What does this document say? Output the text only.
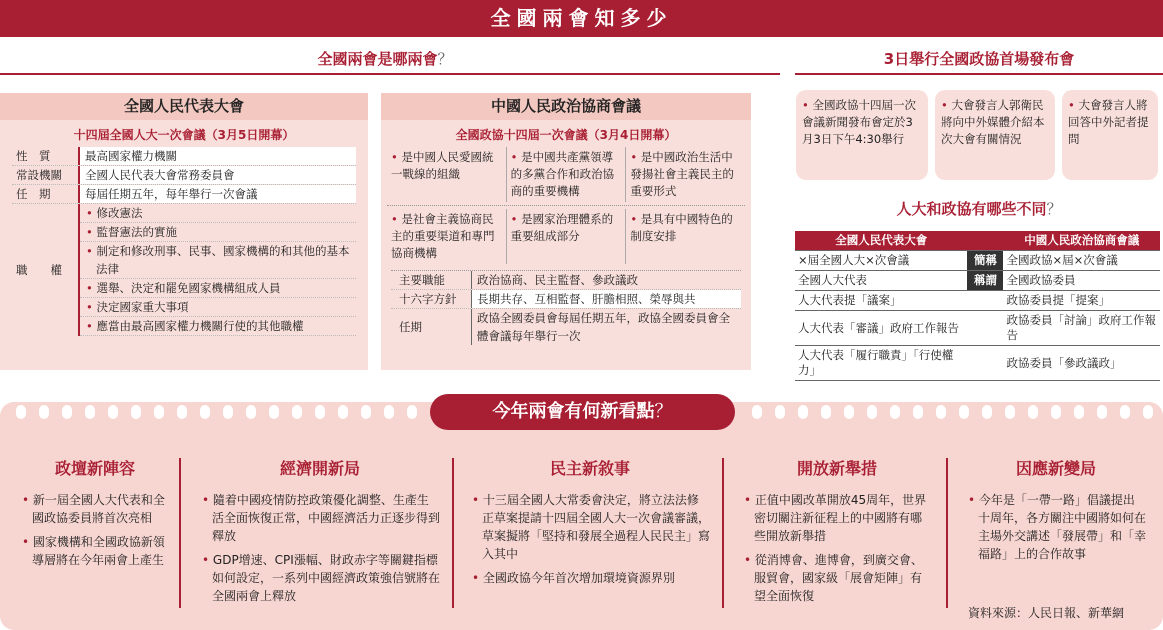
全國兩會知多少
全國兩會是哪兩會？	3日舉行全國政協首場發布會
全國人民代表大會
十四屆全國人大一次會議（3月5日開幕）
性　質	最高國家權力機關
常設機關	全國人民代表大會常務委員會
任　期	每屆任期五年，每年舉行一次會議
職　　權
• 修改憲法
• 監督憲法的實施
• 制定和修改刑事、民事、國家機構的和其他的基本法律
• 選舉、決定和罷免國家機構組成人員
• 決定國家重大事項
• 應當由最高國家權力機關行使的其他職權
中國人民政治協商會議
全國政協十四屆一次會議（3月4日開幕）
• 是中國人民愛國統一戰線的組織
• 是中國共產黨領導的多黨合作和政治協商的重要機構
• 是中國政治生活中發揚社會主義民主的重要形式
• 是社會主義協商民主的重要渠道和專門協商機構
• 是國家治理體系的重要組成部分
• 是具有中國特色的制度安排
主要職能	政治協商、民主監督、參政議政
十六字方針	長期共存、互相監督、肝膽相照、榮辱與共
任期
政協全國委員會每屆任期五年，政協全國委員會全體會議每年舉行一次
• 全國政協十四屆一次會議新聞發布會定於3月3日下午4:30舉行
• 大會發言人郭衛民將向中外媒體介紹本次大會有關情況
• 大會發言人將回答中外記者提問
人大和政協有哪些不同？
全國人民代表大會		中國人民政治協商會議
×屆全國人大×次會議	簡稱	全國政協×屆×次會議
全國人大代表	稱謂	全國政協委員
人大代表提「議案」		政協委員提「提案」
人大代表「審議」政府工作報告		政協委員「討論」政府工作報告
人大代表「履行職責」「行使權力」		政協委員「參政議政」
今年兩會有何新看點？
政壇新陣容

• 新一屆全國人大代表和全國政協委員將首次亮相

• 國家機構和全國政協新領導層將在今年兩會上產生

經濟開新局

• 隨着中國疫情防控政策優化調整、生產生活全面恢復正常，中國經濟活力正逐步得到釋放

• GDP增速、CPI漲幅、財政赤字等關鍵指標如何設定，一系列中國經濟政策強信號將在全國兩會上釋放

民主新敘事

• 十三屆全國人大常委會決定，將立法法修正草案提請十四屆全國人大一次會議審議，草案擬將「堅持和發展全過程人民民主」寫入其中

• 全國政協今年首次增加環境資源界別

開放新舉措

• 正值中國改革開放45周年，世界密切關注新征程上的中國將有哪些開放新舉措

• 從消博會、進博會，到廣交會、服貿會，國家級「展會矩陣」有望全面恢復

因應新變局

• 今年是「一帶一路」倡議提出十周年，各方關注中國將如何在主場外交講述「發展帶」和「幸福路」上的合作故事

資料來源：人民日報、新華網
